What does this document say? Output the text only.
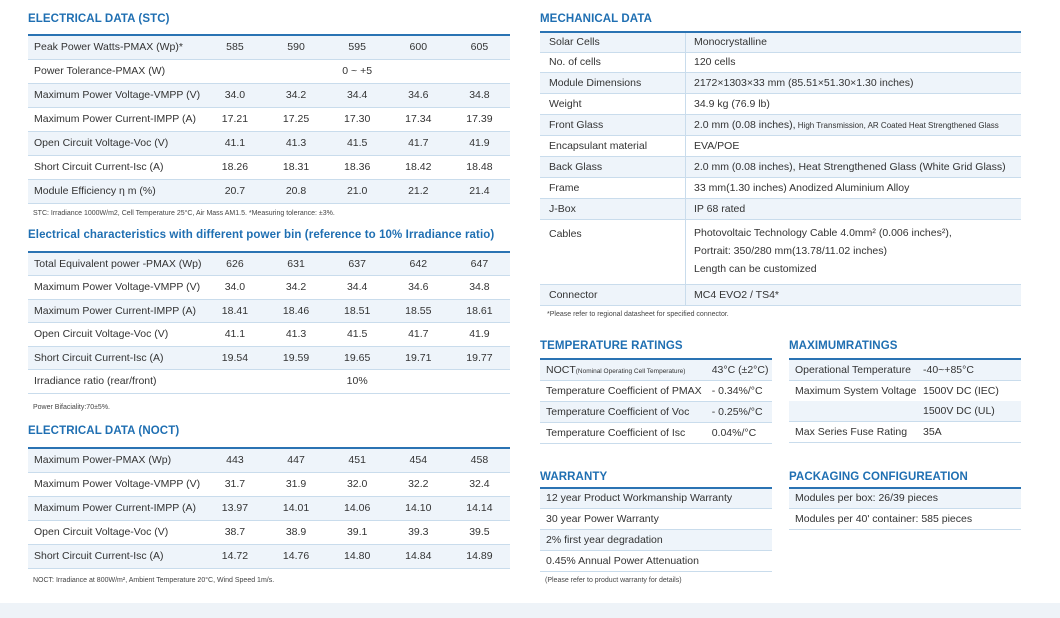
ELECTRICAL DATA (STC)
Peak Power Watts-PMAX (Wp)*	585	590	595	600	605
Power Tolerance-PMAX (W)	0 ~ +5				
Maximum Power Voltage-VMPP (V)	34.0	34.2	34.4	34.6	34.8
Maximum Power Current-IMPP (A)	17.21	17.25	17.30	17.34	17.39
Open Circuit Voltage-Voc (V)	41.1	41.3	41.5	41.7	41.9
Short Circuit Current-Isc (A)	18.26	18.31	18.36	18.42	18.48
Module Efficiency η m (%)	20.7	20.8	21.0	21.2	21.4
STC: Irradiance 1000W/m2, Cell Temperature 25°C, Air Mass AM1.5. *Measuring tolerance: ±3%.
Electrical characteristics with different power bin (reference to 10% Irradiance ratio)
Total Equivalent power -PMAX (Wp)	626	631	637	642	647
Maximum Power Voltage-VMPP (V)	34.0	34.2	34.4	34.6	34.8
Maximum Power Current-IMPP (A)	18.41	18.46	18.51	18.55	18.61
Open Circuit Voltage-Voc (V)	41.1	41.3	41.5	41.7	41.9
Short Circuit Current-Isc (A)	19.54	19.59	19.65	19.71	19.77
Irradiance ratio (rear/front)	10%				
Power Bifaciality:70±5%.
ELECTRICAL DATA (NOCT)
Maximum Power-PMAX (Wp)	443	447	451	454	458
Maximum Power Voltage-VMPP (V)	31.7	31.9	32.0	32.2	32.4
Maximum Power Current-IMPP (A)	13.97	14.01	14.06	14.10	14.14
Open Circuit Voltage-Voc (V)	38.7	38.9	39.1	39.3	39.5
Short Circuit Current-Isc (A)	14.72	14.76	14.80	14.84	14.89
NOCT: Irradiance at 800W/m², Ambient Temperature 20°C, Wind Speed 1m/s.
MECHANICAL DATA
Solar Cells	Monocrystalline
No. of cells	120 cells
Module Dimensions	2172×1303×33 mm (85.51×51.30×1.30 inches)
Weight	34.9 kg (76.9 lb)
Front Glass	2.0 mm (0.08 inches), High Transmission, AR Coated Heat Strengthened Glass
Encapsulant material	EVA/POE
Back Glass	2.0 mm (0.08 inches), Heat Strengthened Glass (White Grid Glass)
Frame	33 mm(1.30 inches) Anodized Aluminium Alloy
J-Box	IP 68 rated
Cables	Photovoltaic Technology Cable 4.0mm² (0.006 inches²),
Portrait: 350/280 mm(13.78/11.02 inches)
Length can be customized

Connector	MC4 EVO2 / TS4*
*Please refer to regional datasheet for specified connector.
TEMPERATURE RATINGS
NOCT(Nominal Operating Cell Temperature)	43°C (±2°C)
Temperature Coefficient of PMAX	- 0.34%/°C
Temperature Coefficient of Voc	- 0.25%/°C
Temperature Coefficient of Isc	0.04%/°C
MAXIMUMRATINGS
Operational Temperature	-40~+85°C
Maximum System Voltage	1500V DC (IEC)
	1500V DC (UL)
Max Series Fuse Rating	35A
WARRANTY
12 year Product Workmanship Warranty
30 year Power Warranty
2% first year degradation
0.45% Annual Power Attenuation
(Please refer to product warranty for details)
PACKAGING CONFIGUREATION
Modules per box: 26/39 pieces
Modules per 40' container: 585 pieces
